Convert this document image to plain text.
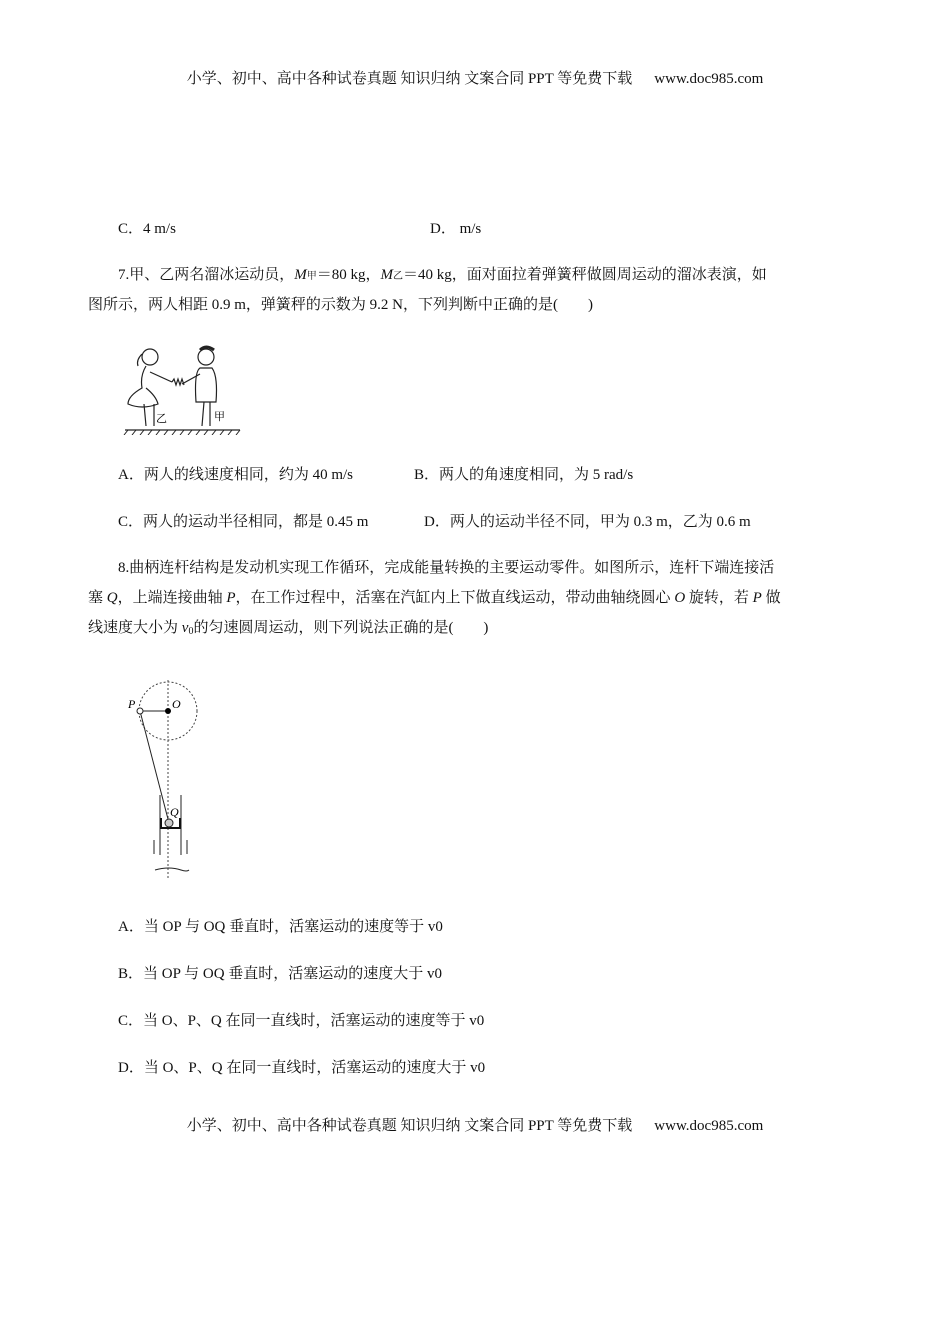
小学、初中、高中各种试卷真题 知识归纳 文案合同 PPT 等免费下载 www.doc985.com
C．4 m/s	D． m/s
7.甲、乙两名溜冰运动员，M甲＝80 kg，M乙＝40 kg，面对面拉着弹簧秤做圆周运动的溜冰表演，如
图所示，两人相距 0.9 m，弹簧秤的示数为 9.2 N，下列判断中正确的是(　　)
乙	甲
A．两人的线速度相同，约为 40 m/s	B．两人的角速度相同，为 5 rad/s
C．两人的运动半径相同，都是 0.45 m	D．两人的运动半径不同，甲为 0.3 m，乙为 0.6 m
8.曲柄连杆结构是发动机实现工作循环，完成能量转换的主要运动零件。如图所示，连杆下端连接活
塞 Q，上端连接曲轴 P，在工作过程中，活塞在汽缸内上下做直线运动，带动曲轴绕圆心 O 旋转，若 P 做
线速度大小为 $v_0$的匀速圆周运动，则下列说法正确的是(　　)
P	O
Q
A．当 OP 与 OQ 垂直时，活塞运动的速度等于 v0
B．当 OP 与 OQ 垂直时，活塞运动的速度大于 v0
C．当 O、P、Q 在同一直线时，活塞运动的速度等于 v0
D．当 O、P、Q 在同一直线时，活塞运动的速度大于 v0
小学、初中、高中各种试卷真题 知识归纳 文案合同 PPT 等免费下载 www.doc985.com
